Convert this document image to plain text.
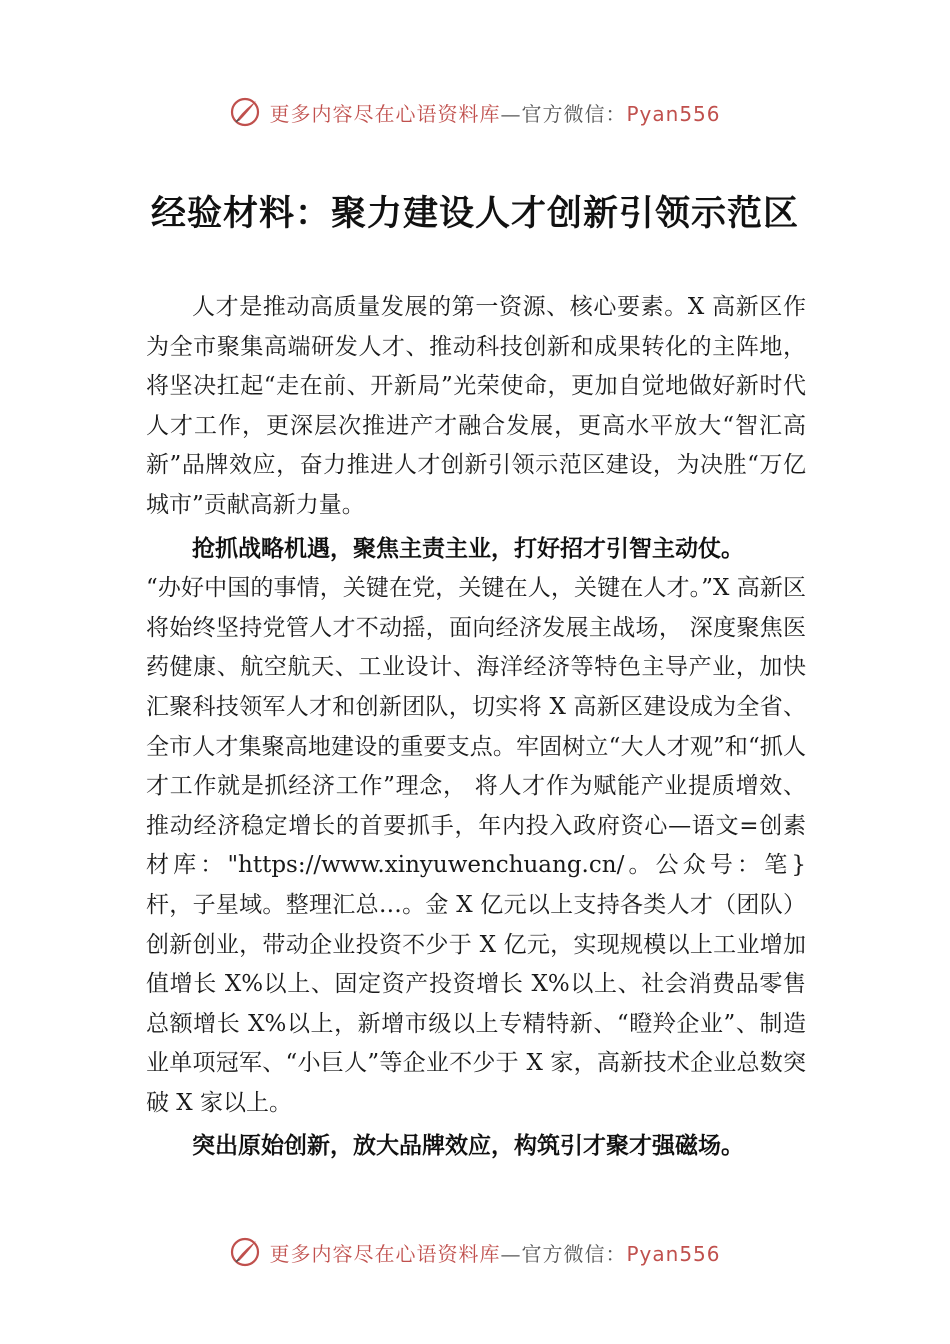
更多内容尽在心语资料库—官方微信：Pyan556
经验材料：聚力建设人才创新引领示范区

人才是推动高质量发展的第一资源、核心要素。X 高新区作为全市聚集高端研发人才、推动科技创新和成果转化的主阵地，将坚决扛起“走在前、开新局”光荣使命，更加自觉地做好新时代人才工作，更深层次推进产才融合发展，更高水平放大“智汇高新”品牌效应，奋力推进人才创新引领示范区建设，为决胜“万亿城市”贡献高新力量。

抢抓战略机遇，聚焦主责主业，打好招才引智主动仗。

“办好中国的事情，关键在党，关键在人，关键在人才。”X 高新区将始终坚持党管人才不动摇，面向经济发展主战场， 深度聚焦医药健康、航空航天、工业设计、海洋经济等特色主导产业，加快汇聚科技领军人才和创新团队，切实将 X 高新区建设成为全省、全市人才集聚高地建设的重要支点。牢固树立“大人才观”和“抓人才工作就是抓经济工作”理念， 将人才作为赋能产业提质增效、推动经济稳定增长的首要抓手，年内投入政府资心—语文=创素材库："https://www.xinyuwenchuang.cn/。公众号：笔}杆，子星域。整理汇总…。金 X 亿元以上支持各类人才（团队）创新创业，带动企业投资不少于 X 亿元，实现规模以上工业增加值增长 X%以上、固定资产投资增长 X%以上、社会消费品零售总额增长 X%以上，新增市级以上专精特新、“瞪羚企业”、制造业单项冠军、“小巨人”等企业不少于 X 家，高新技术企业总数突破 X 家以上。

突出原始创新，放大品牌效应，构筑引才聚才强磁场。

更多内容尽在心语资料库—官方微信：Pyan556
